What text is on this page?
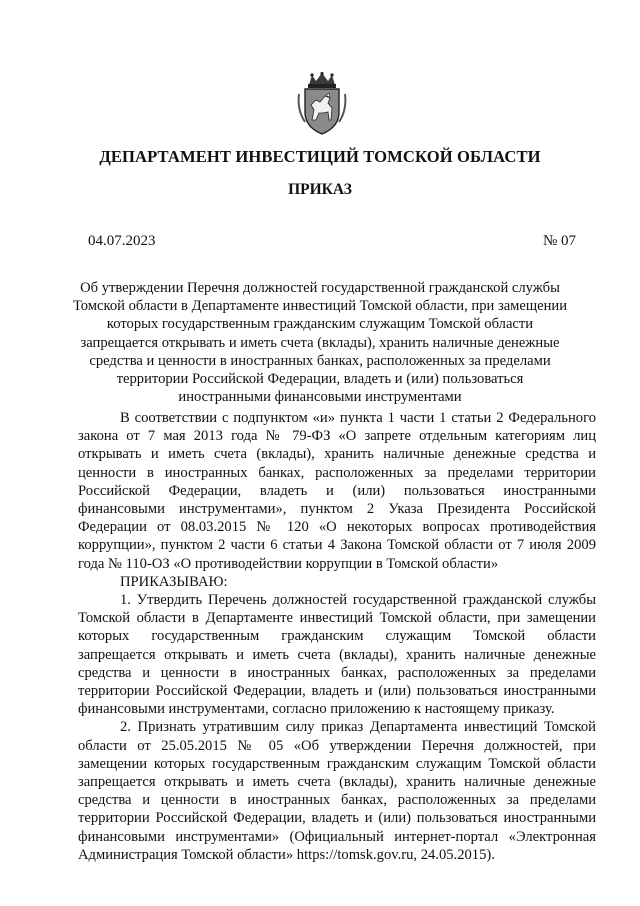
ДЕПАРТАМЕНТ ИНВЕСТИЦИЙ ТОМСКОЙ ОБЛАСТИ
ПРИКАЗ
04.07.2023	№ 07
Об утверждении Перечня должностей государственной гражданской службы
Томской области в Департаменте инвестиций Томской области, при замещении
которых государственным гражданским служащим Томской области
запрещается открывать и иметь счета (вклады), хранить наличные денежные
средства и ценности в иностранных банках, расположенных за пределами
территории Российской Федерации, владеть и (или) пользоваться
иностранными финансовыми инструментами
В соответствии с подпунктом «и» пункта 1 части 1 статьи 2 Федерального
закона от 7 мая 2013 года № 79-ФЗ «О запрете отдельным категориям лиц
открывать и иметь счета (вклады), хранить наличные денежные средства и
ценности в иностранных банках, расположенных за пределами территории
Российской Федерации, владеть и (или) пользоваться иностранными
финансовыми инструментами», пунктом 2 Указа Президента Российской
Федерации от 08.03.2015 № 120 «О некоторых вопросах противодействия
коррупции», пунктом 2 части 6 статьи 4 Закона Томской области от 7 июля 2009
года № 110-ОЗ «О противодействии коррупции в Томской области»
ПРИКАЗЫВАЮ:
1. Утвердить Перечень должностей государственной гражданской службы
Томской области в Департаменте инвестиций Томской области, при замещении
которых государственным гражданским служащим Томской области
запрещается открывать и иметь счета (вклады), хранить наличные денежные
средства и ценности в иностранных банках, расположенных за пределами
территории Российской Федерации, владеть и (или) пользоваться иностранными
финансовыми инструментами, согласно приложению к настоящему приказу.
2. Признать утратившим силу приказ Департамента инвестиций Томской
области от 25.05.2015 № 05 «Об утверждении Перечня должностей, при
замещении которых государственным гражданским служащим Томской области
запрещается открывать и иметь счета (вклады), хранить наличные денежные
средства и ценности в иностранных банках, расположенных за пределами
территории Российской Федерации, владеть и (или) пользоваться иностранными
финансовыми инструментами» (Официальный интернет-портал «Электронная
Администрация Томской области» https://tomsk.gov.ru, 24.05.2015).
